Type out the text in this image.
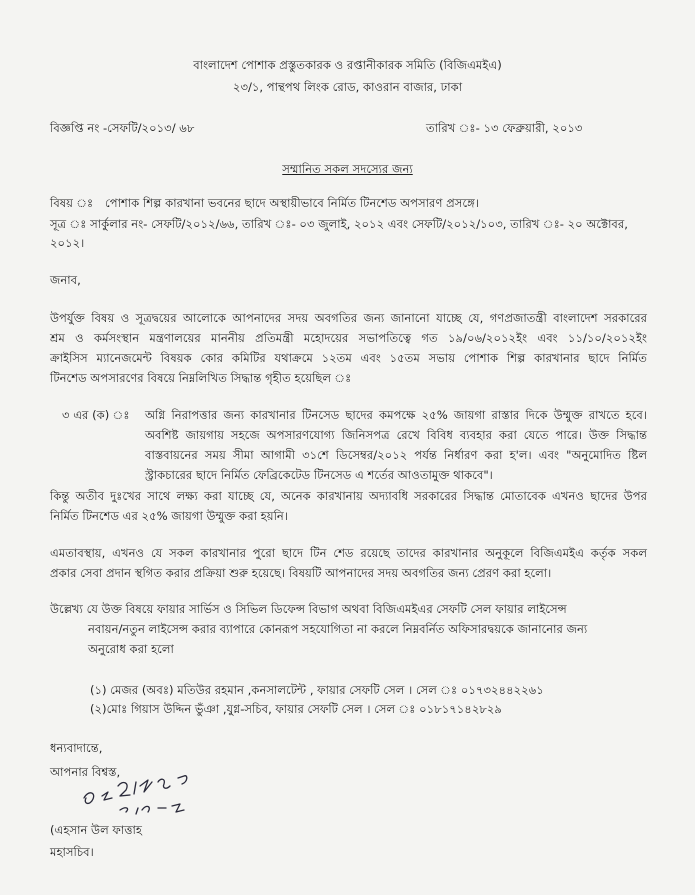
বাংলাদেশ পোশাক প্রস্তুতকারক ও রপ্তানীকারক সমিতি (বিজিএমইএ)
২৩/১, পান্থপথ লিংক রোড, কাওরান বাজার, ঢাকা
বিজ্ঞপ্তি নং -সেফটি/২০১৩/ ৬৮	তারিখ ঃ- ১৩ ফেব্রুয়ারী, ২০১৩
সম্মানিত সকল সদস্যের জন্য
বিষয় ঃ পোশাক শিল্প কারখানা ভবনের ছাদে অস্থায়ীভাবে নির্মিত টিনশেড অপসারণ প্রসঙ্গে।
সূত্র ঃ সার্কুলার নং- সেফটি/২০১২/৬৬, তারিখ ঃ- ০৩ জুলাই, ২০১২ এবং সেফটি/২০১২/১০৩, তারিখ ঃ- ২০ অক্টোবর,
২০১২।
জনাব,
উপর্যুক্ত বিষয় ও সূত্রদ্বয়ের আলোকে আপনাদের সদয় অবগতির জন্য জানানো যাচ্ছে যে, গণপ্রজাতন্ত্রী বাংলাদেশ সরকারের
শ্রম ও কর্মসংস্থান মন্ত্রণালয়ের মাননীয় প্রতিমন্ত্রী মহোদয়ের সভাপতিত্বে গত ১৯/০৬/২০১২ইং এবং ১১/১০/২০১২ইং
ক্রাইসিস ম্যানেজমেন্ট বিষয়ক কোর কমিটির যথাক্রমে ১২তম এবং ১৫তম সভায় পোশাক শিল্প কারখানার ছাদে নির্মিত
টিনশেড অপসারণের বিষয়ে নিম্নলিখিত সিদ্ধান্ত গৃহীত হয়েছিল ঃ
৩ এর (ক) ঃ অগ্নি নিরাপত্তার জন্য কারখানার টিনসেড ছাদের কমপক্ষে ২৫% জায়গা রাস্তার দিকে উম্মুক্ত রাখতে হবে।
অবশিষ্ট জায়গায় সহজে অপসারণযোগ্য জিনিসপত্র রেখে বিবিধ ব্যবহার করা যেতে পারে। উক্ত সিদ্ধান্ত
বাস্তবায়নের সময় সীমা আগামী ৩১শে ডিসেম্বর/২০১২ পর্যন্ত নির্ধারণ করা হ'ল। এবং "অনুমোদিত ষ্টিল
স্ট্রাকচারের ছাদে নির্মিত ফেব্রিকেটেড টিনসেড এ শর্তের আওতামুক্ত থাকবে"।
কিন্তু অতীব দুঃখের সাথে লক্ষ্য করা যাচ্ছে যে, অনেক কারখানায় অদ্যাবধি সরকারের সিদ্ধান্ত মোতাবেক এখনও ছাদের উপর
নির্মিত টিনশেড এর ২৫% জায়গা উম্মুক্ত করা হয়নি।
এমতাবস্থায়, এখনও যে সকল কারখানার পুরো ছাদে টিন শেড রয়েছে তাদের কারখানার অনুকূলে বিজিএমইএ কর্তৃক সকল
প্রকার সেবা প্রদান স্থগিত করার প্রক্রিয়া শুরু হয়েছে। বিষয়টি আপনাদের সদয় অবগতির জন্য প্রেরণ করা হলো।
উল্লেখ্য যে উক্ত বিষয়ে ফায়ার সার্ভিস ও সিভিল ডিফেন্স বিভাগ অথবা বিজিএমইএর সেফটি সেল ফায়ার লাইসেন্স
নবায়ন/নতুন লাইসেন্স করার ব্যাপারে কোনরূপ সহযোগিতা না করলে নিম্নবর্নিত অফিসারদ্বয়কে জানানোর জন্য
অনুরোধ করা হলো
(১) মেজর (অবঃ) মতিউর রহমান ,কনসালটেন্ট , ফায়ার সেফটি সেল । সেল ঃ ০১৭৩২৪৪২২৬১
(২)মোঃ গিয়াস উদ্দিন ভুঁঞা ,যুগ্ন-সচিব, ফায়ার সেফটি সেল । সেল ঃ ০১৮১৭১৪২৮২৯
ধন্যবাদান্তে,
আপনার বিশ্বস্ত,
(এহসান উল ফাত্তাহ
মহাসচিব।
